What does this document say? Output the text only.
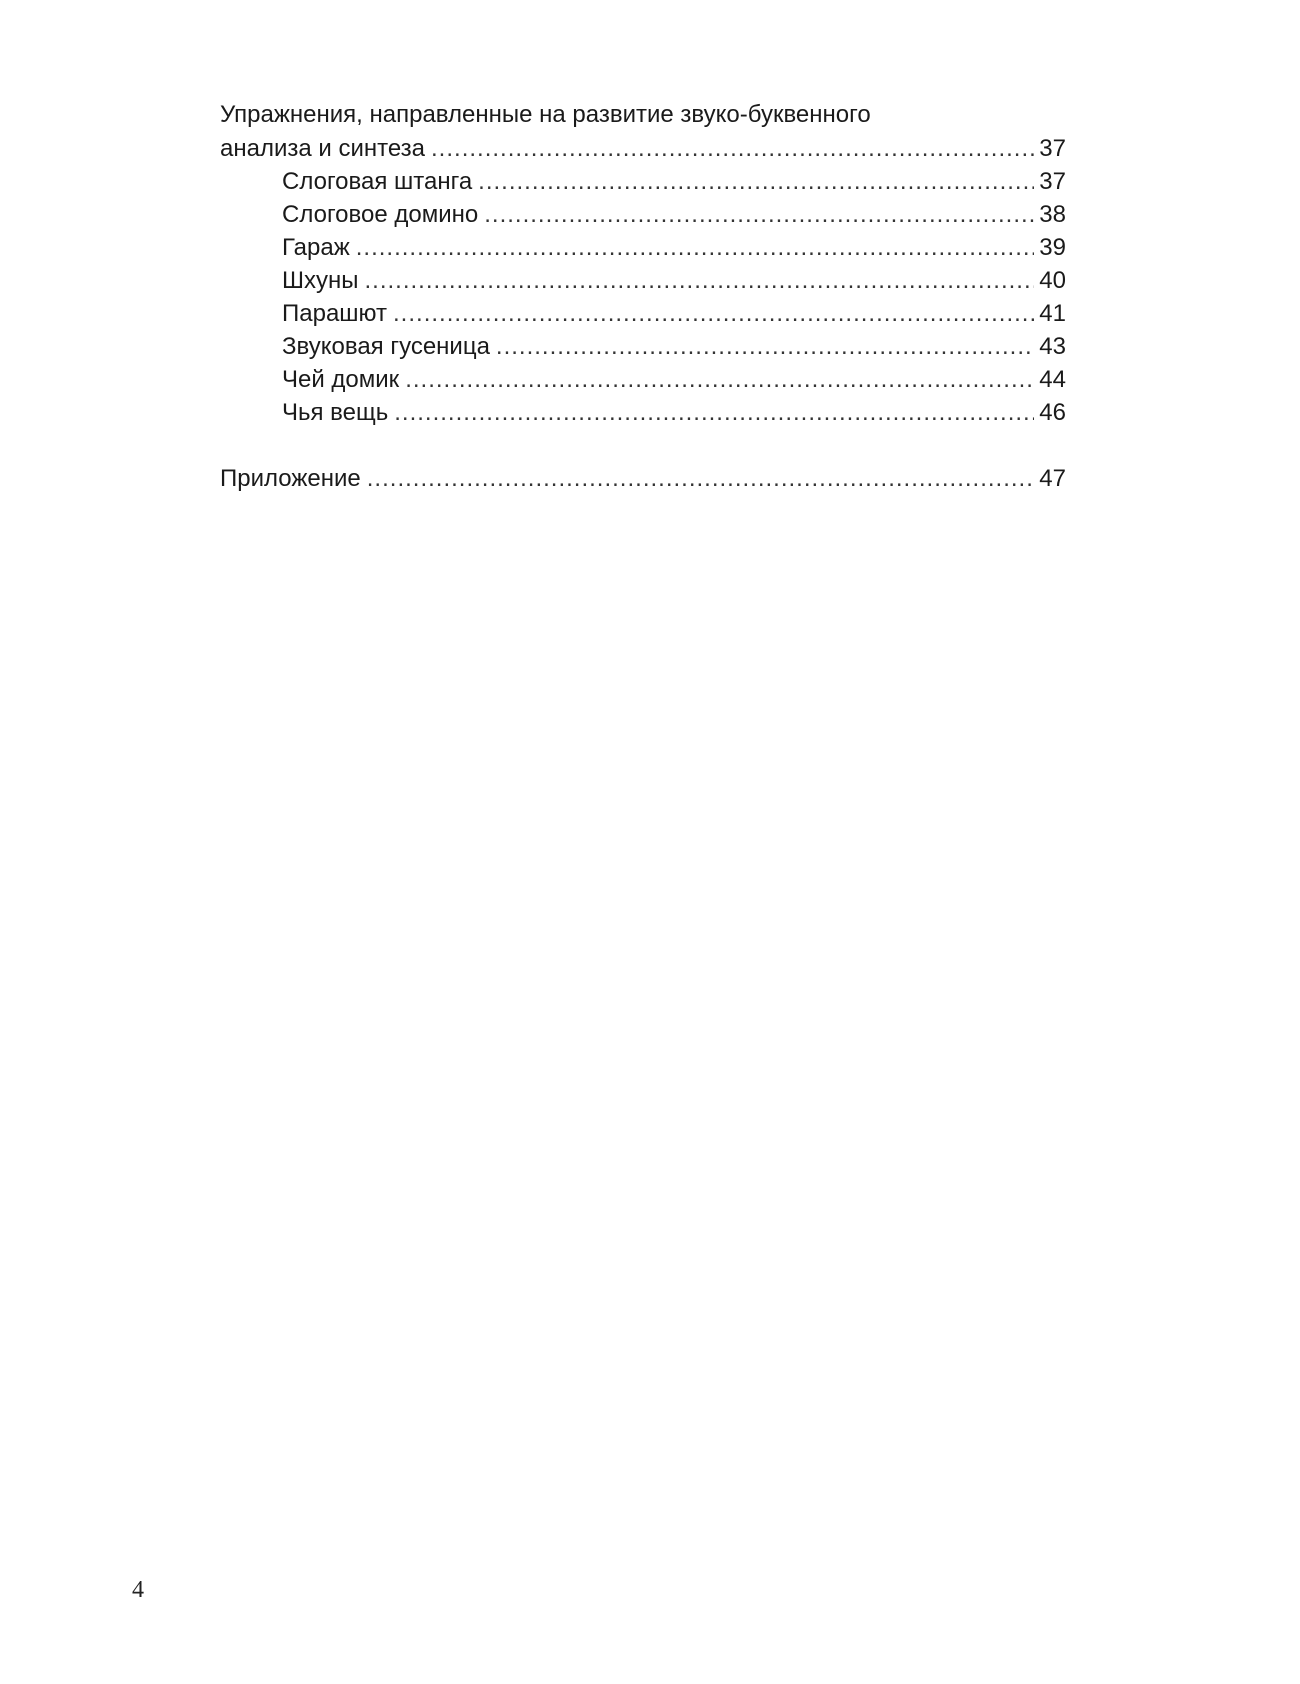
Упражнения, направленные на развитие звуко-буквенного
анализа и синтеза .....	37
Слоговая штанга .....	37
Слоговое домино .....	38
Гараж .....	39
Шхуны .....	40
Парашют .....	41
Звуковая гусеница .....	43
Чей домик .....	44
Чья вещь .....	46
Приложение .....	47
4
